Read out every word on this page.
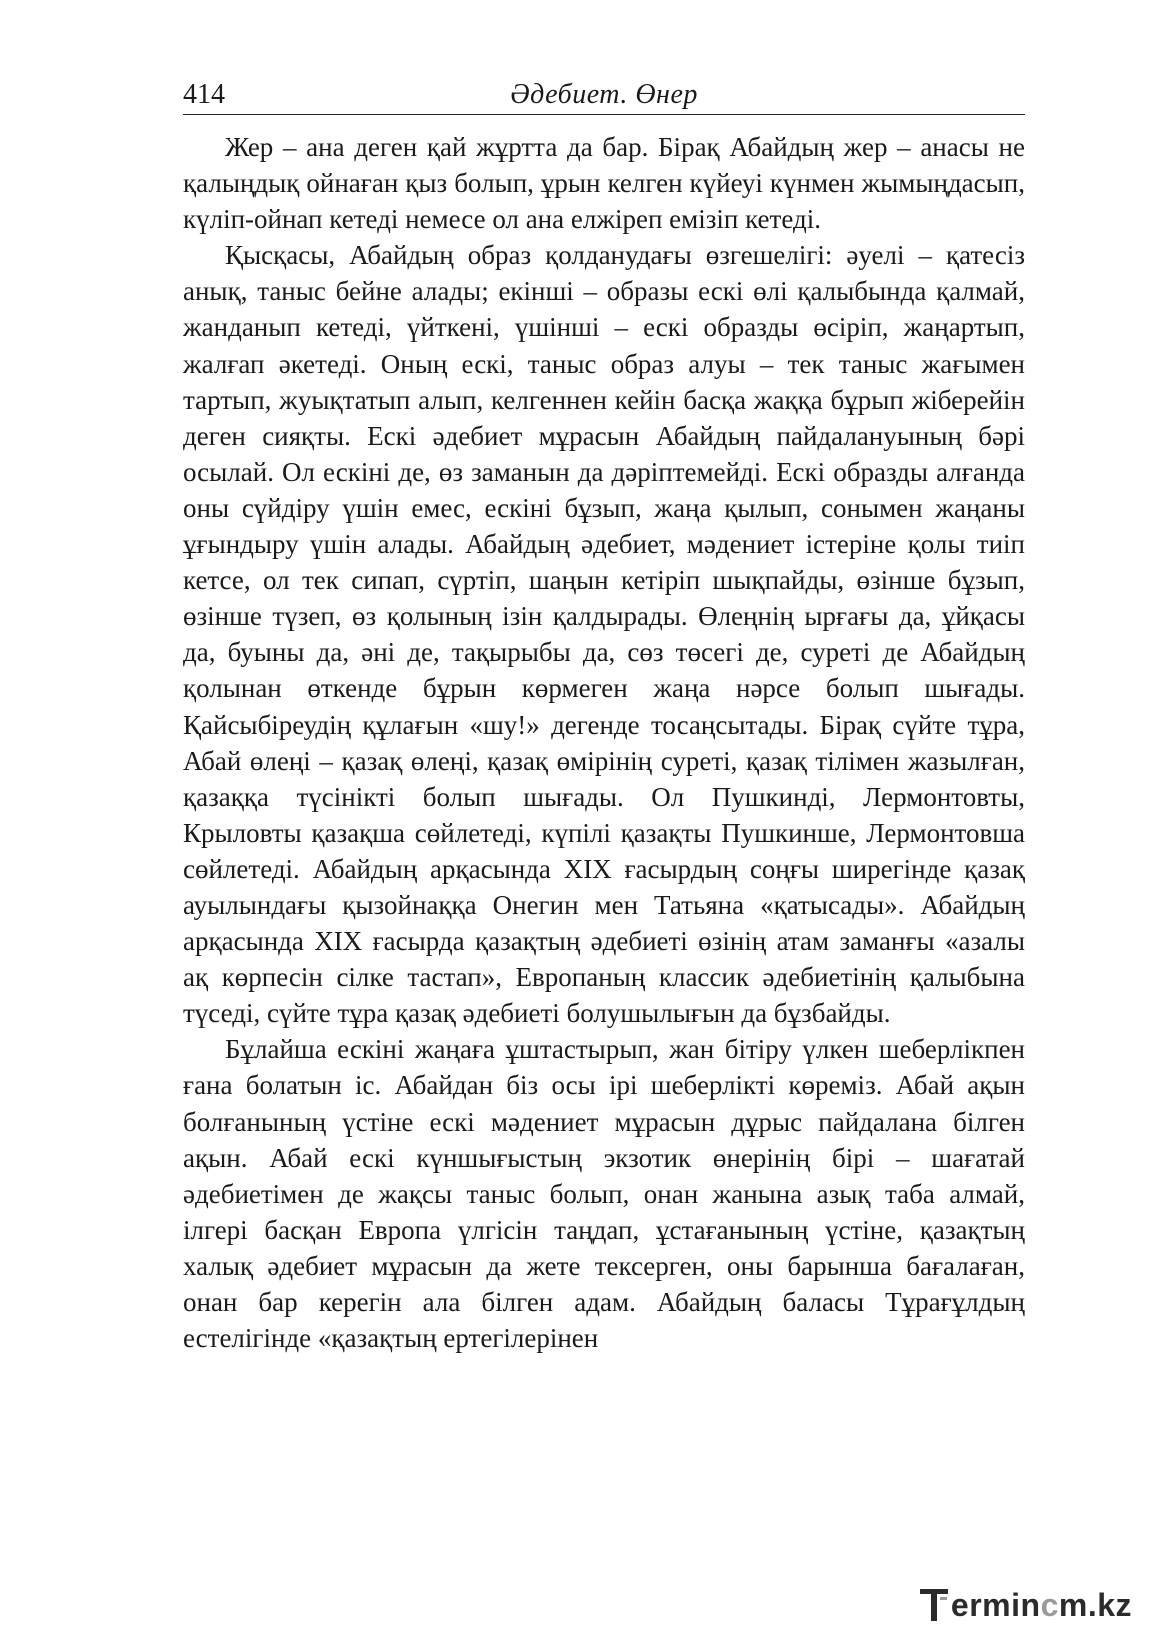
414	Әдебиет. Өнер

Жер – ана деген қай жұртта да бар. Бірақ Абайдың жер – анасы не қалыңдық ойнаған қыз болып, ұрын келген күйеуі күнмен жымыңдасып, күліп-ойнап кетеді немесе ол ана елжіреп емізіп кетеді.

Қысқасы, Абайдың образ қолданудағы өзгешелігі: әуелі – қатесіз анық, таныс бейне алады; екінші – образы ескі өлі қалыбында қалмай, жанданып кетеді, үйткені, үшінші – ескі образды өсіріп, жаңартып, жалғап әкетеді. Оның ескі, таныс образ алуы – тек таныс жағымен тартып, жуықтатып алып, келгеннен кейін басқа жаққа бұрып жіберейін деген сияқты. Ескі әдебиет мұрасын Абайдың пайдалануының бәрі осылай. Ол ескіні де, өз заманын да дәріптемейді. Ескі образды алғанда оны сүйдіру үшін емес, ескіні бұзып, жаңа қылып, сонымен жаңаны ұғындыру үшін алады. Абайдың әдебиет, мәдениет істеріне қолы тиіп кетсе, ол тек сипап, сүртіп, шаңын кетіріп шықпайды, өзінше бұзып, өзінше түзеп, өз қолының ізін қалдырады. Өлеңнің ырғағы да, ұйқасы да, буыны да, әні де, тақырыбы да, сөз төсегі де, суреті де Абайдың қолынан өткенде бұрын көрмеген жаңа нәрсе болып шығады. Қайсыбіреудің құлағын «шу!» дегенде тосаңсытады. Бірақ сүйте тұра, Абай өлеңі – қазақ өлеңі, қазақ өмірінің суреті, қазақ тілімен жазылған, қазаққа түсінікті болып шығады. Ол Пушкинді, Лермонтовты, Крыловты қазақша сөйлетеді, күпілі қазақты Пушкинше, Лермонтовша сөйлетеді. Абайдың арқасында XIX ғасырдың соңғы ширегінде қазақ ауылындағы қызойнаққа Онегин мен Татьяна «қатысады». Абайдың арқасында XIX ғасырда қазақтың әдебиеті өзінің атам заманғы «азалы ақ көрпесін сілке тастап», Европаның классик әдебиетінің қалыбына түседі, сүйте тұра қазақ әдебиеті болушылығын да бұзбайды.

Бұлайша ескіні жаңаға ұштастырып, жан бітіру үлкен шеберлікпен ғана болатын іс. Абайдан біз осы ірі шеберлікті көреміз. Абай ақын болғанының үстіне ескі мәдениет мұрасын дұрыс пайдалана білген ақын. Абай ескі күншығыстың экзотик өнерінің бірі – шағатай әдебиетімен де жақсы таныс болып, онан жанына азық таба алмай, ілгері басқан Европа үлгісін таңдап, ұстағанының үстіне, қазақтың халық әдебиет мұрасын да жете тексерген, оны барынша бағалаған, онан бар керегін ала білген адам. Абайдың баласы Тұрағұлдың естелігінде «қазақтың ертегілерінен

ermincm.kz
